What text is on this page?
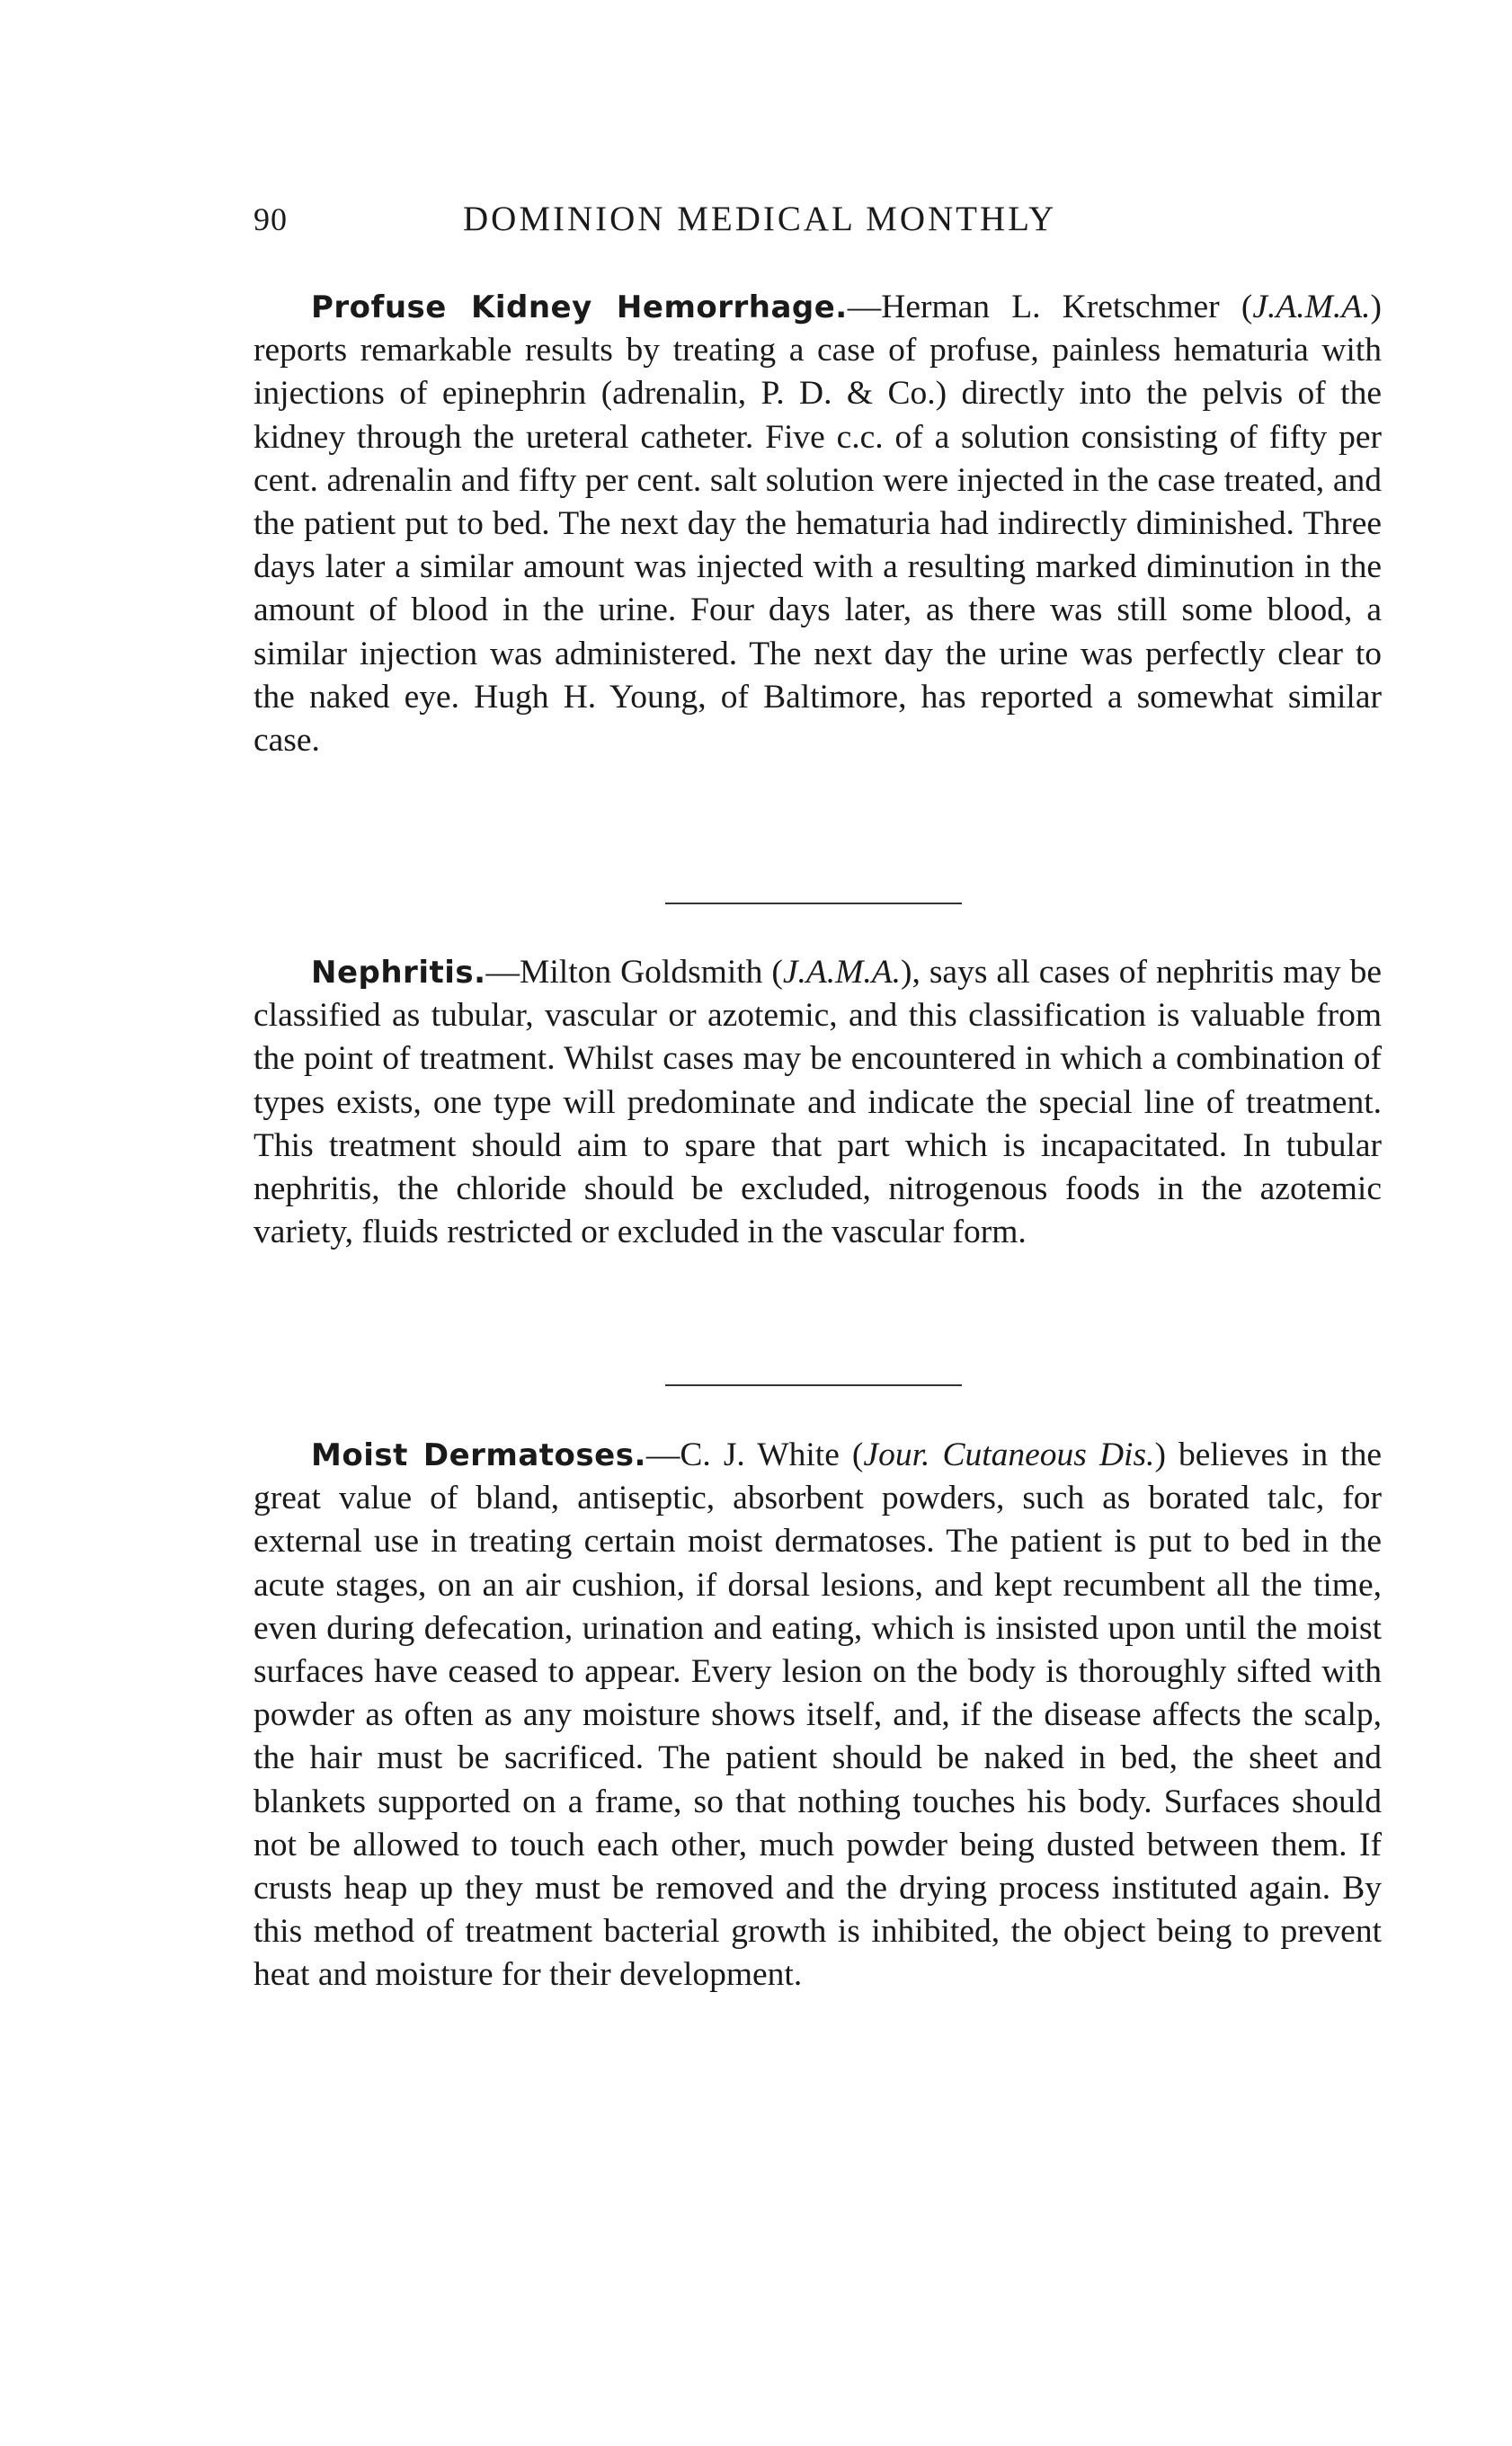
90	DOMINION MEDICAL MONTHLY

Profuse Kidney Hemorrhage.—Herman L. Kretschmer (J.A.M.A.) reports remarkable results by treating a case of profuse, painless hematuria with injections of epinephrin (adrenalin, P. D. & Co.) directly into the pelvis of the kidney through the ureteral catheter. Five c.c. of a solution consisting of fifty per cent. adrenalin and fifty per cent. salt solution were injected in the case treated, and the patient put to bed. The next day the hematuria had indirectly diminished. Three days later a similar amount was injected with a resulting marked diminution in the amount of blood in the urine. Four days later, as there was still some blood, a similar injection was administered. The next day the urine was perfectly clear to the naked eye. Hugh H. Young, of Baltimore, has reported a somewhat similar case.

Nephritis.—Milton Goldsmith (J.A.M.A.), says all cases of nephritis may be classified as tubular, vascular or azotemic, and this classification is valuable from the point of treatment. Whilst cases may be encountered in which a combination of types exists, one type will predominate and indicate the special line of treatment. This treatment should aim to spare that part which is incapacitated. In tubular nephritis, the chloride should be excluded, nitrogenous foods in the azotemic variety, fluids restricted or excluded in the vascular form.

Moist Dermatoses.—C. J. White (Jour. Cutaneous Dis.) believes in the great value of bland, antiseptic, absorbent powders, such as borated talc, for external use in treating certain moist dermatoses. The patient is put to bed in the acute stages, on an air cushion, if dorsal lesions, and kept recumbent all the time, even during defecation, urination and eating, which is insisted upon until the moist surfaces have ceased to appear. Every lesion on the body is thoroughly sifted with powder as often as any moisture shows itself, and, if the disease affects the scalp, the hair must be sacrificed. The patient should be naked in bed, the sheet and blankets supported on a frame, so that nothing touches his body. Surfaces should not be allowed to touch each other, much powder being dusted between them. If crusts heap up they must be removed and the drying process instituted again. By this method of treatment bacterial growth is inhibited, the object being to prevent heat and moisture for their development.
